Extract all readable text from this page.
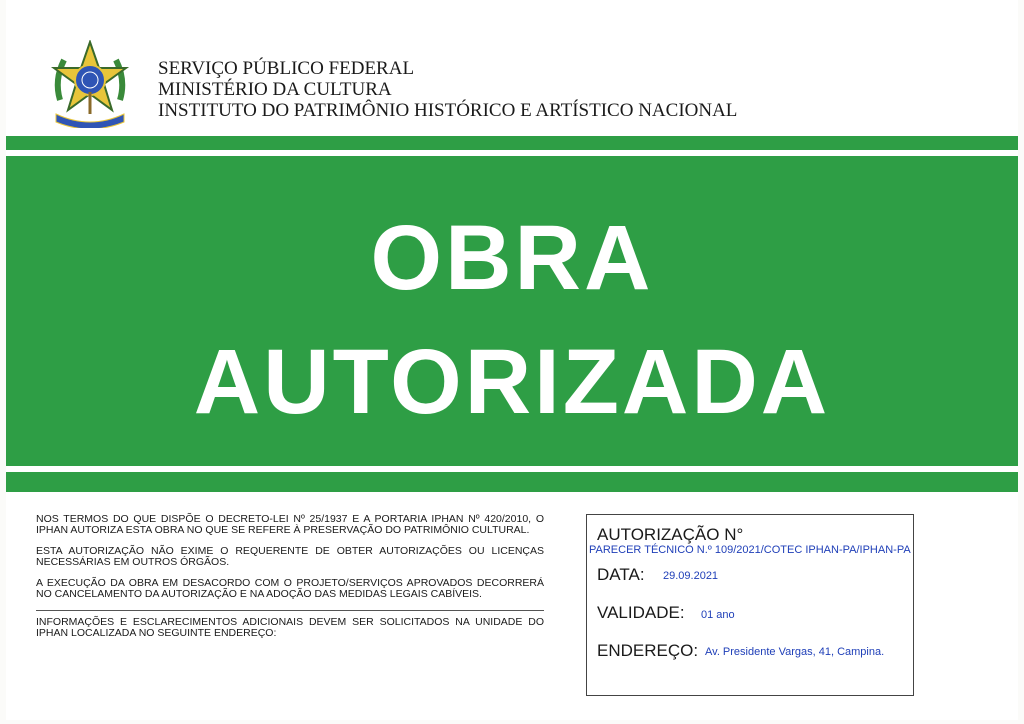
SERVIÇO PÚBLICO FEDERAL
MINISTÉRIO DA CULTURA
INSTITUTO DO PATRIMÔNIO HISTÓRICO E ARTÍSTICO NACIONAL
OBRA
AUTORIZADA

NOS TERMOS DO QUE DISPÕE O DECRETO-LEI Nº 25/1937 E A PORTARIA IPHAN Nº 420/2010, O IPHAN AUTORIZA ESTA OBRA NO QUE SE REFERE À PRESERVAÇÃO DO PATRIMÔNIO CULTURAL.

ESTA AUTORIZAÇÃO NÃO EXIME O REQUERENTE DE OBTER AUTORIZAÇÕES OU LICENÇAS NECESSÁRIAS EM OUTROS ÓRGÃOS.

A EXECUÇÃO DA OBRA EM DESACORDO COM O PROJETO/SERVIÇOS APROVADOS DECORRERÁ NO CANCELAMENTO DA AUTORIZAÇÃO E NA ADOÇÃO DAS MEDIDAS LEGAIS CABÍVEIS.

INFORMAÇÕES E ESCLARECIMENTOS ADICIONAIS DEVEM SER SOLICITADOS NA UNIDADE DO IPHAN LOCALIZADA NO SEGUINTE ENDEREÇO:

AUTORIZAÇÃO N°
PARECER TÉCNICO N.º 109/2021/COTEC IPHAN-PA/IPHAN-PA
DATA: 29.09.2021
VALIDADE: 01 ano
ENDEREÇO: Av. Presidente Vargas, 41, Campina.
